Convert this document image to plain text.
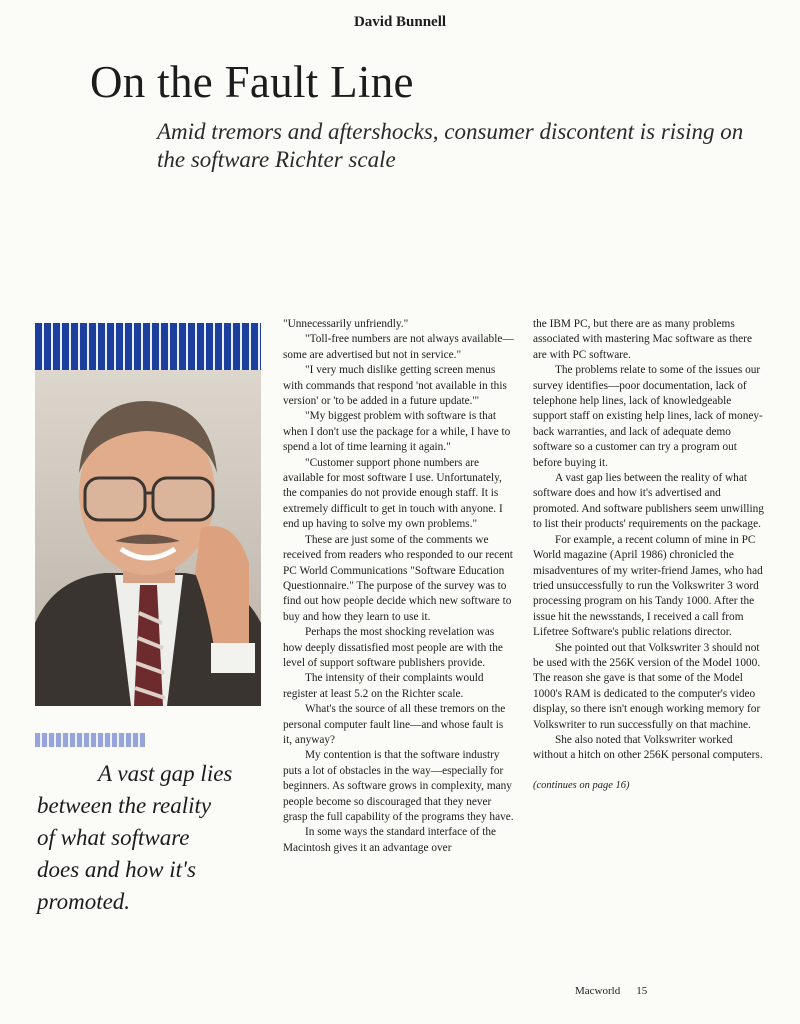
David Bunnell
On the Fault Line
Amid tremors and aftershocks, consumer discontent is rising on the software Richter scale
A vast gap lies
between the reality
of what software
does and how it's
promoted.

"Unnecessarily unfriendly."

"Toll-free numbers are not always available—some are advertised but not in service."

"I very much dislike getting screen menus with commands that respond 'not available in this version' or 'to be added in a future update.'"

"My biggest problem with software is that when I don't use the package for a while, I have to spend a lot of time learning it again."

"Customer support phone numbers are available for most software I use. Unfortunately, the companies do not provide enough staff. It is extremely difficult to get in touch with anyone. I end up having to solve my own problems."

These are just some of the comments we received from readers who responded to our recent PC World Communications "Software Education Questionnaire." The purpose of the survey was to find out how people decide which new software to buy and how they learn to use it.

Perhaps the most shocking revelation was how deeply dissatisfied most people are with the level of support software publishers provide.

The intensity of their complaints would register at least 5.2 on the Richter scale.

What's the source of all these tremors on the personal computer fault line—and whose fault is it, anyway?

My contention is that the software industry puts a lot of obstacles in the way—especially for beginners. As software grows in complexity, many people become so discouraged that they never grasp the full capability of the programs they have.

In some ways the standard interface of the Macintosh gives it an advantage over

the IBM PC, but there are as many problems associated with mastering Mac software as there are with PC software.

The problems relate to some of the issues our survey identifies—poor documentation, lack of telephone help lines, lack of knowledgeable support staff on existing help lines, lack of money-back warranties, and lack of adequate demo software so a customer can try a program out before buying it.

A vast gap lies between the reality of what software does and how it's advertised and promoted. And software publishers seem unwilling to list their products' requirements on the package.

For example, a recent column of mine in PC World magazine (April 1986) chronicled the misadventures of my writer-friend James, who had tried unsuccessfully to run the Volkswriter 3 word processing program on his Tandy 1000. After the issue hit the newsstands, I received a call from Lifetree Software's public relations director.

She pointed out that Volkswriter 3 should not be used with the 256K version of the Model 1000. The reason she gave is that some of the Model 1000's RAM is dedicated to the computer's video display, so there isn't enough working memory for Volkswriter to run successfully on that machine.

She also noted that Volkswriter worked without a hitch on other 256K personal computers.

(continues on page 16)

Macworld 15
